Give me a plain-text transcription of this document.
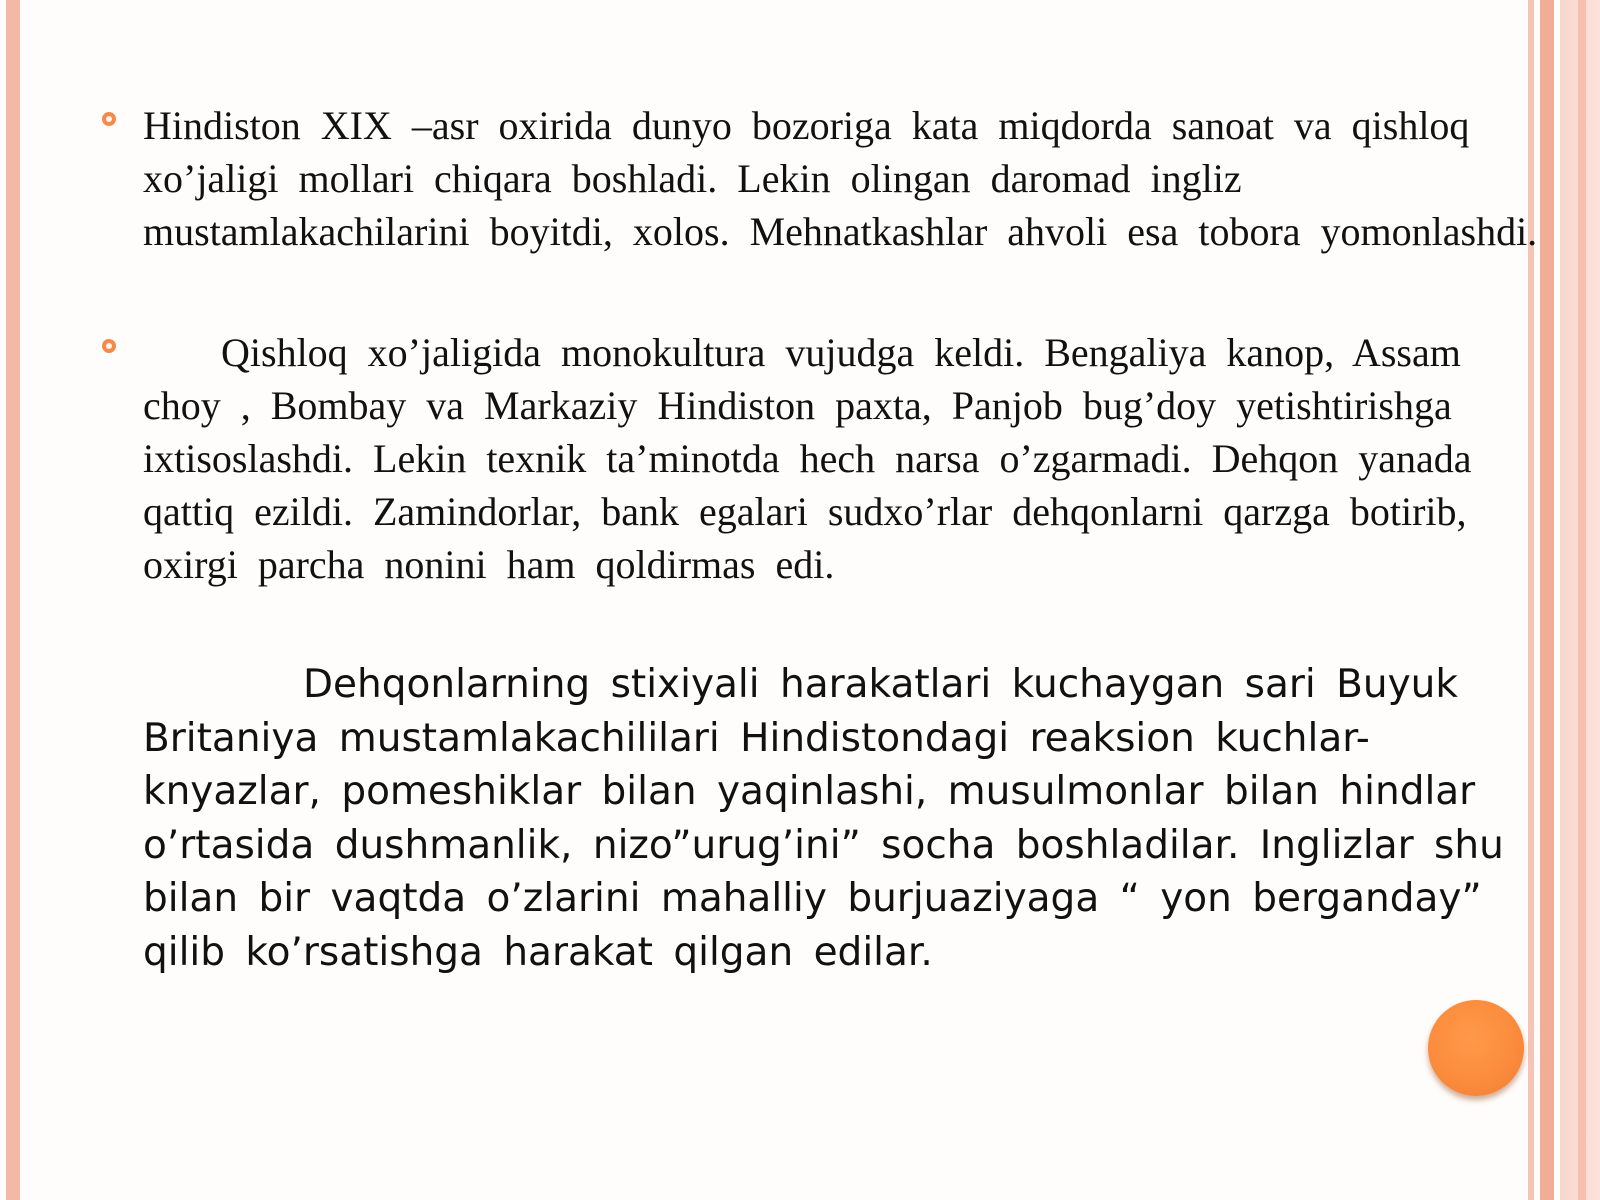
Hindiston XIX –asr oxirida dunyo bozoriga kata miqdorda sanoat va qishloq xo’jaligi mollari chiqara boshladi. Lekin olingan daromad ingliz mustamlakachilarini boyitdi, xolos. Mehnatkashlar ahvoli esa tobora yomonlashdi.

Qishloq xo’jaligida monokultura vujudga keldi. Bengaliya kanop, Assam choy , Bombay va Markaziy Hindiston paxta, Panjob bug’doy yetishtirishga ixtisoslashdi. Lekin texnik ta’minotda hech narsa o’zgarmadi. Dehqon yanada qattiq ezildi. Zamindorlar, bank egalari sudxo’rlar dehqonlarni qarzga botirib, oxirgi parcha nonini ham qoldirmas edi.

Dehqonlarning stixiyali harakatlari kuchaygan sari Buyuk Britaniya mustamlakachililari Hindistondagi reaksion kuchlar- knyazlar, pomeshiklar bilan yaqinlashi, musulmonlar bilan hindlar o’rtasida dushmanlik, nizo”urug’ini” socha boshladilar. Inglizlar shu bilan bir vaqtda o’zlarini mahalliy burjuaziyaga “ yon berganday” qilib ko’rsatishga harakat qilgan edilar.
